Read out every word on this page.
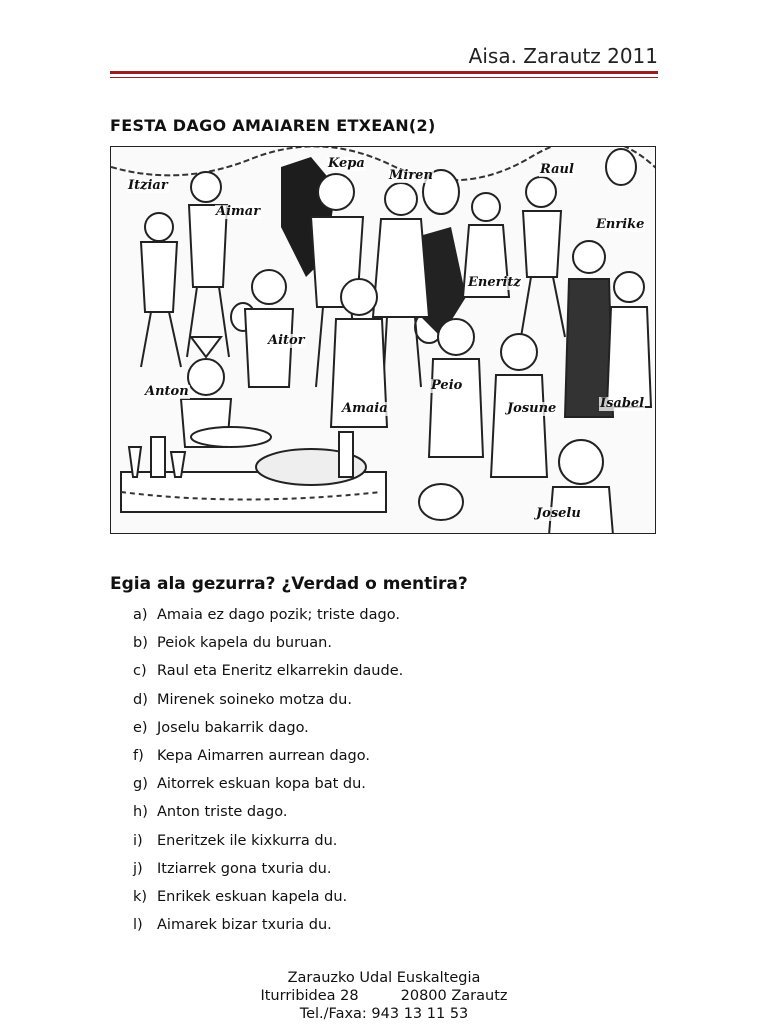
Aisa. Zarautz 2011
FESTA DAGO AMAIAREN ETXEAN(2)
Itziar
Kepa
Miren	Raul
Aimar
Enrike
Eneritz
Aitor
Anton	Peio
Amaia	Josune	Isabel
Joselu
Egia ala gezurra? ¿Verdad o mentira?
a) Amaia ez dago pozik; triste dago.
b) Peiok kapela du buruan.
c) Raul eta Eneritz elkarrekin daude.
d) Mirenek soineko motza du.
e) Joselu bakarrik dago.
f) Kepa Aimarren aurrean dago.
g) Aitorrek eskuan kopa bat du.
h) Anton triste dago.
i) Eneritzek ile kixkurra du.
j) Itziarrek gona txuria du.
k) Enrikek eskuan kapela du.
l) Aimarek bizar txuria du.
Zarauzko Udal Euskaltegia
Iturribidea 28	20800 Zarautz
Tel./Faxa: 943 13 11 53
